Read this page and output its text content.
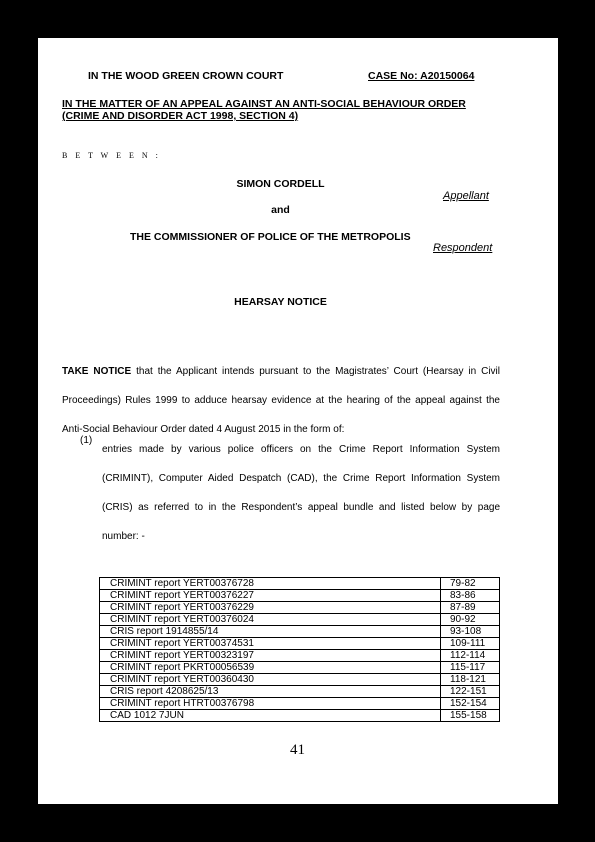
IN THE WOOD GREEN CROWN COURT	CASE No: A20150064
IN THE MATTER OF AN APPEAL AGAINST AN ANTI-SOCIAL BEHAVIOUR ORDER
(CRIME AND DISORDER ACT 1998, SECTION 4)
B E T W E E N :
SIMON CORDELL
Appellant
and
THE COMMISSIONER OF POLICE OF THE METROPOLIS
Respondent
HEARSAY NOTICE
TAKE NOTICE that the Applicant intends pursuant to the Magistrates’ Court (Hearsay in Civil Proceedings) Rules 1999 to adduce hearsay evidence at the hearing of the appeal against the Anti-Social Behaviour Order dated 4 August 2015 in the form of:
(1)
entries made by various police officers on the Crime Report Information System (CRIMINT), Computer Aided Despatch (CAD), the Crime Report Information System (CRIS) as referred to in the Respondent’s appeal bundle and listed below by page number: -
CRIMINT report YERT00376728	79-82
CRIMINT report YERT00376227	83-86
CRIMINT report YERT00376229	87-89
CRIMINT report YERT00376024	90-92
CRIS report 1914855/14	93-108
CRIMINT report YERT00374531	109-111
CRIMINT report YERT00323197	112-114
CRIMINT report PKRT00056539	115-117
CRIMINT report YERT00360430	118-121
CRIS report 4208625/13	122-151
CRIMINT report HTRT00376798	152-154
CAD 1012 7JUN	155-158
41
